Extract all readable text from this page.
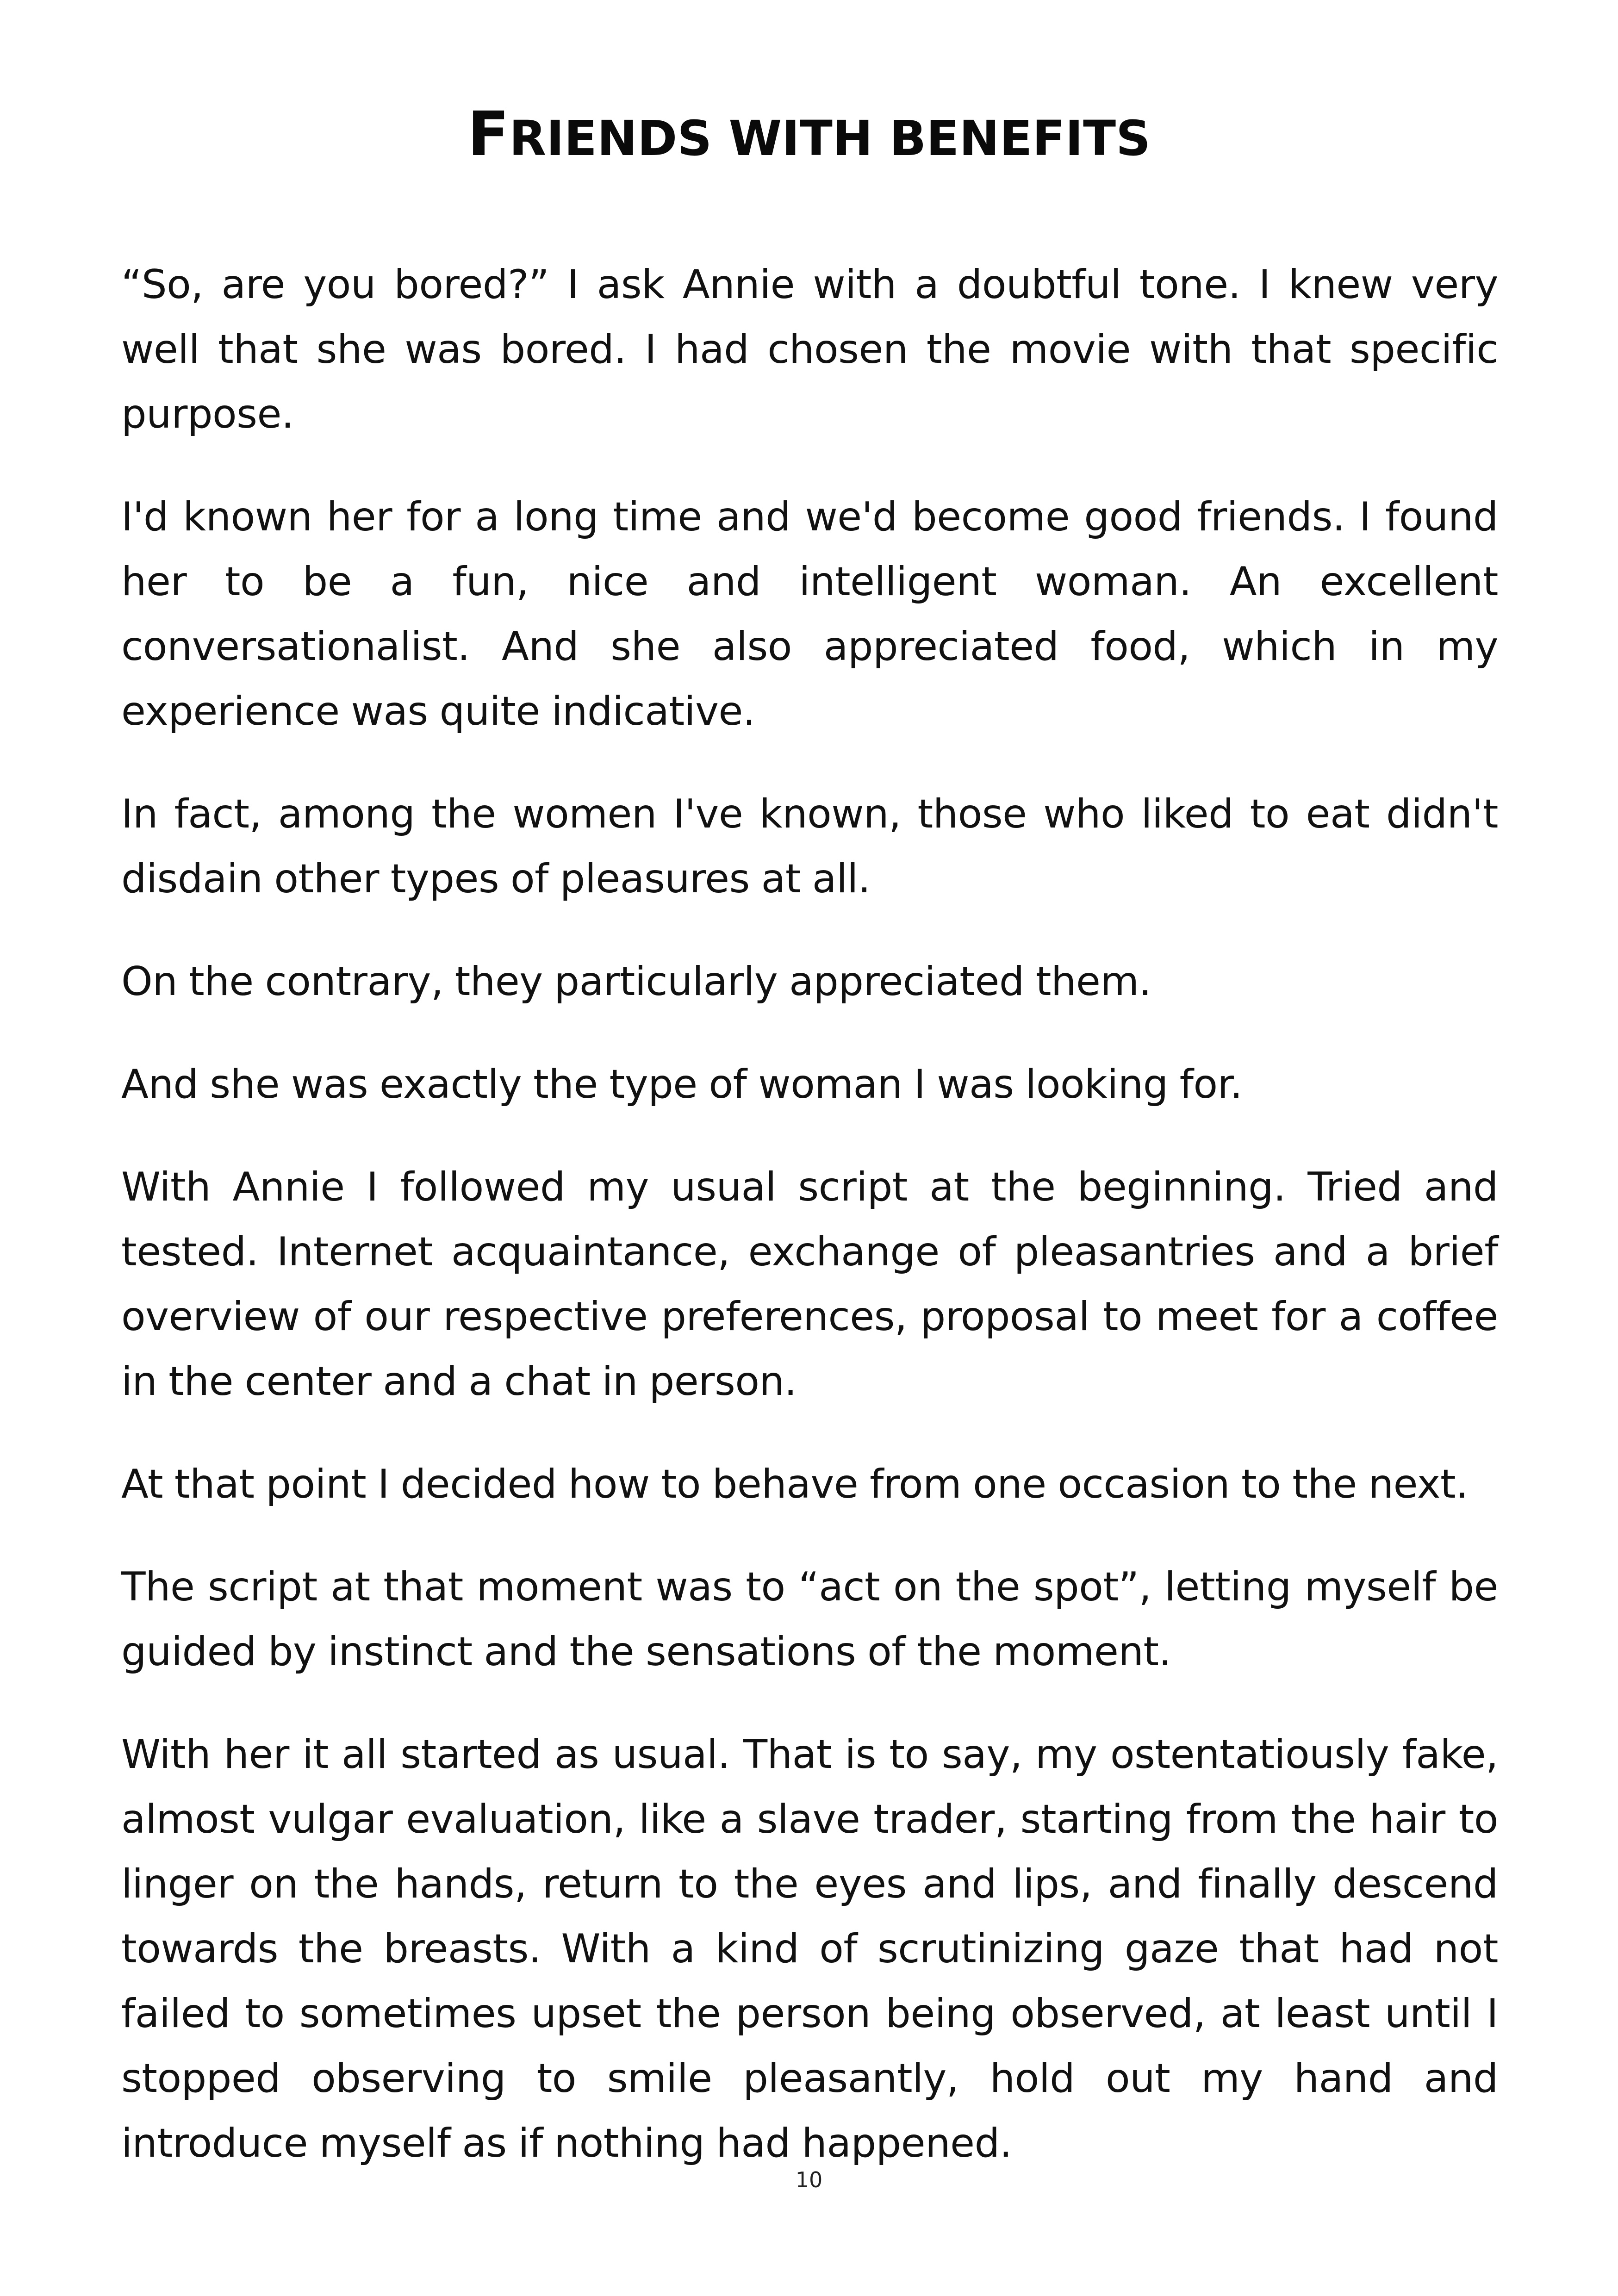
FRIENDS WITH BENEFITS

“So, are you bored?” I ask Annie with a doubtful tone. I knew very well that she was bored. I had chosen the movie with that specific purpose.

I'd known her for a long time and we'd become good friends. I found her to be a fun, nice and intelligent woman. An excellent conversationalist. And she also appreciated food, which in my experience was quite indicative.

In fact, among the women I've known, those who liked to eat didn't disdain other types of pleasures at all.

On the contrary, they particularly appreciated them.

And she was exactly the type of woman I was looking for.

With Annie I followed my usual script at the beginning. Tried and tested. Internet acquaintance, exchange of pleasantries and a brief overview of our respective preferences, proposal to meet for a coffee in the center and a chat in person.

At that point I decided how to behave from one occasion to the next.

The script at that moment was to “act on the spot”, letting myself be guided by instinct and the sensations of the moment.

With her it all started as usual. That is to say, my ostentatiously fake, almost vulgar evaluation, like a slave trader, starting from the hair to linger on the hands, return to the eyes and lips, and finally descend towards the breasts. With a kind of scrutinizing gaze that had not failed to sometimes upset the person being observed, at least until I stopped observing to smile pleasantly, hold out my hand and introduce myself as if nothing had happened.

10
